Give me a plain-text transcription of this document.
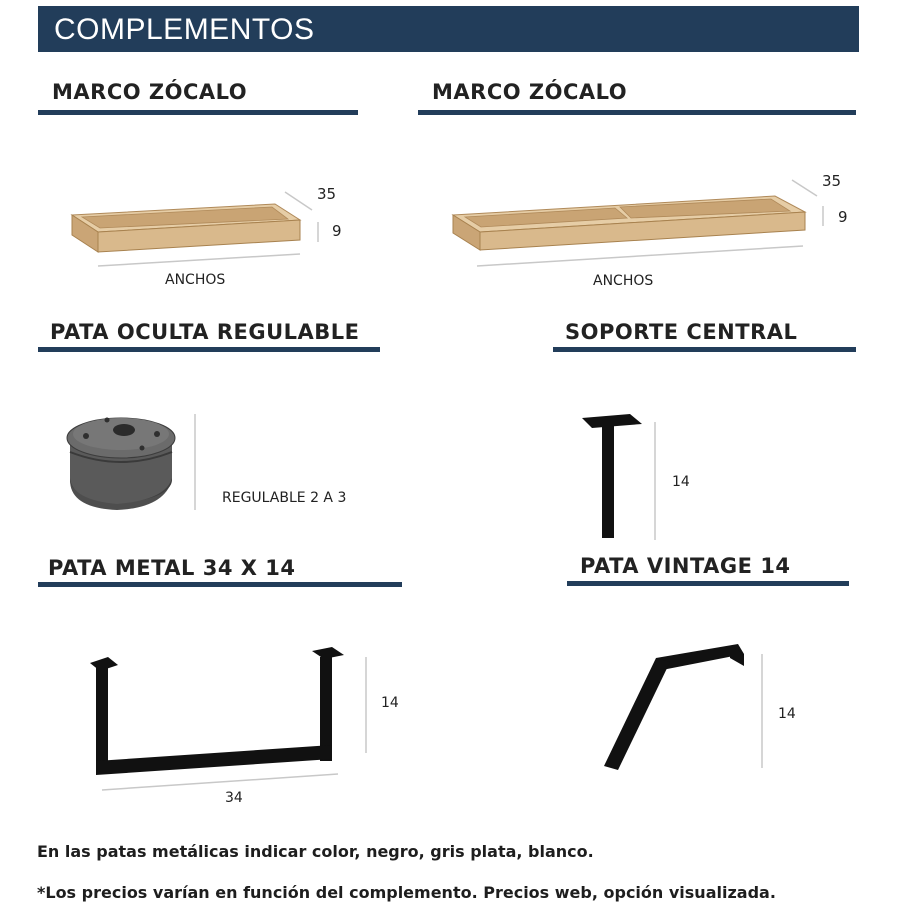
COMPLEMENTOS
MARCO ZÓCALO
35
9
ANCHOS
MARCO ZÓCALO
35
9
ANCHOS
PATA OCULTA REGULABLE
REGULABLE 2 A 3
SOPORTE CENTRAL
14
PATA METAL 34 X 14
14
34
PATA VINTAGE 14
14
En las patas metálicas indicar color, negro, gris plata, blanco.
*Los precios varían en función del complemento. Precios web, opción visualizada.
